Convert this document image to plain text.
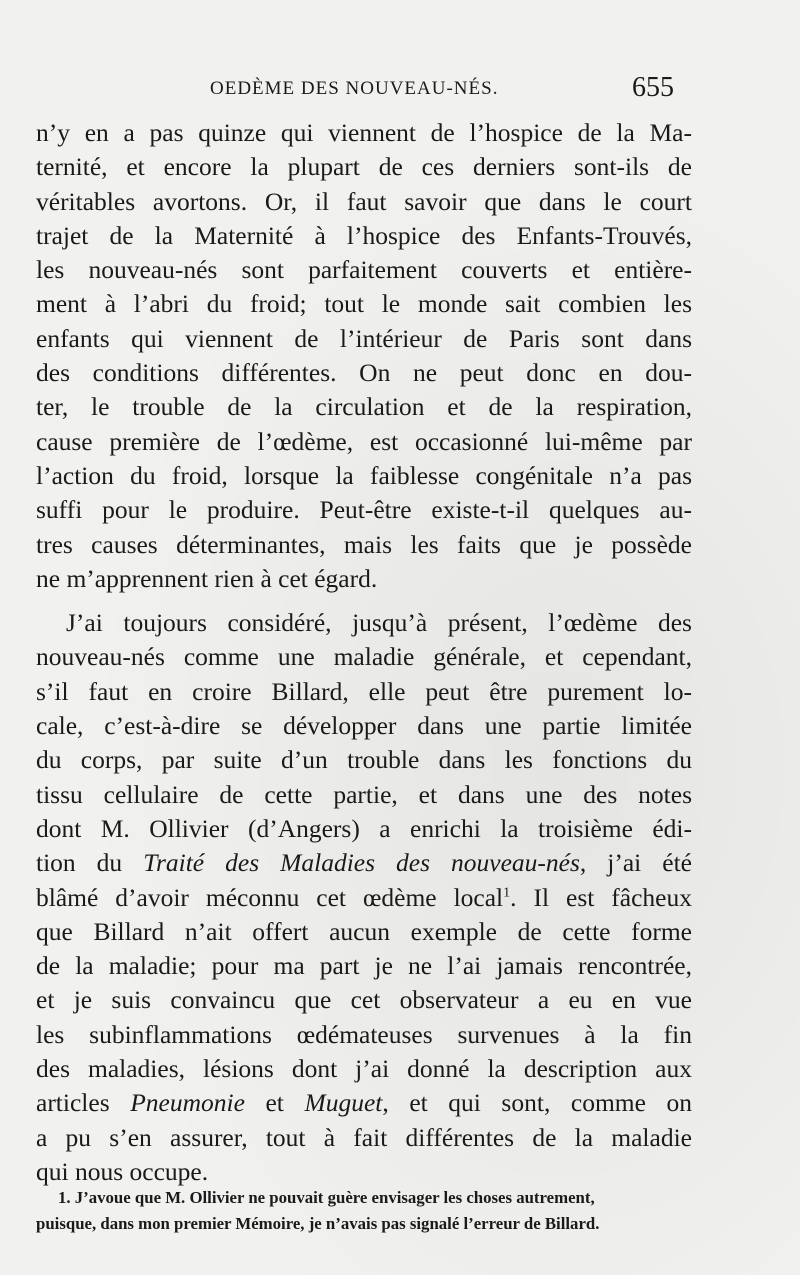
OEDÈME DES NOUVEAU-NÉS.	655

n’y en a pas quinze qui viennent de l’hospice de la Ma-

ternité, et encore la plupart de ces derniers sont-ils de

véritables avortons. Or, il faut savoir que dans le court

trajet de la Maternité à l’hospice des Enfants-Trouvés,

les nouveau-nés sont parfaitement couverts et entière-

ment à l’abri du froid; tout le monde sait combien les

enfants qui viennent de l’intérieur de Paris sont dans

des conditions différentes. On ne peut donc en dou-

ter, le trouble de la circulation et de la respiration,

cause première de l’œdème, est occasionné lui-même par

l’action du froid, lorsque la faiblesse congénitale n’a pas

suffi pour le produire. Peut-être existe-t-il quelques au-

tres causes déterminantes, mais les faits que je possède

ne m’apprennent rien à cet égard.

J’ai toujours considéré, jusqu’à présent, l’œdème des

nouveau-nés comme une maladie générale, et cependant,

s’il faut en croire Billard, elle peut être purement lo-

cale, c’est-à-dire se développer dans une partie limitée

du corps, par suite d’un trouble dans les fonctions du

tissu cellulaire de cette partie, et dans une des notes

dont M. Ollivier (d’Angers) a enrichi la troisième édi-

tion du Traité des Maladies des nouveau-nés, j’ai été

blâmé d’avoir méconnu cet œdème local$^1$. Il est fâcheux

que Billard n’ait offert aucun exemple de cette forme

de la maladie; pour ma part je ne l’ai jamais rencontrée,

et je suis convaincu que cet observateur a eu en vue

les subinflammations œdémateuses survenues à la fin

des maladies, lésions dont j’ai donné la description aux

articles Pneumonie et Muguet, et qui sont, comme on

a pu s’en assurer, tout à fait différentes de la maladie

qui nous occupe.

1. J’avoue que M. Ollivier ne pouvait guère envisager les choses autrement,

puisque, dans mon premier Mémoire, je n’avais pas signalé l’erreur de Billard.
